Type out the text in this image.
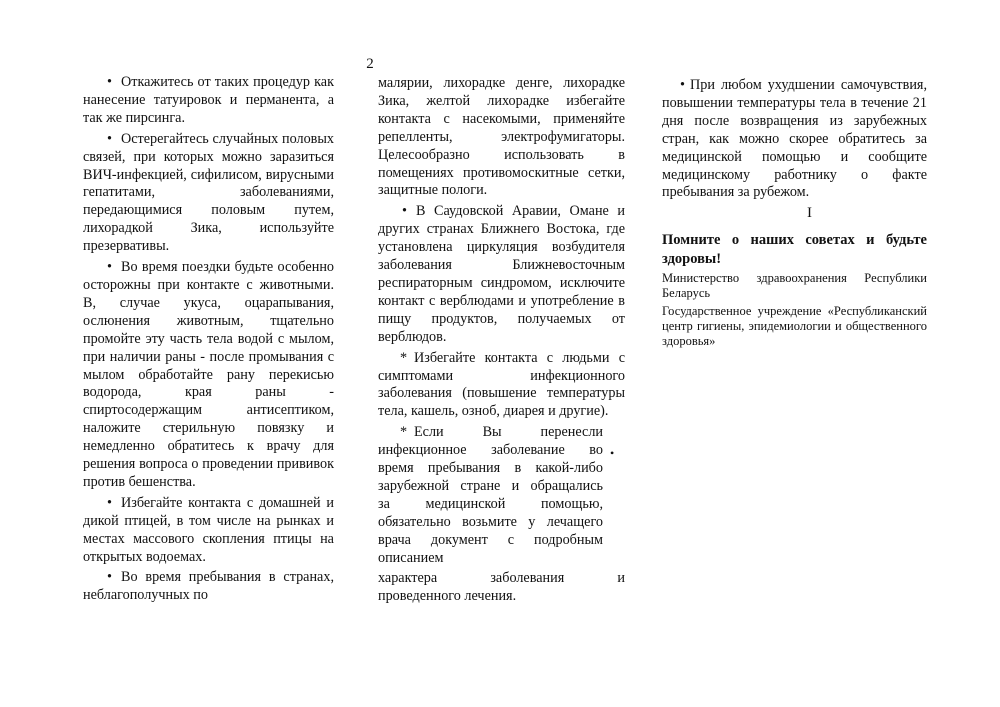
2

• Откажитесь от таких процедур как нанесение татуировок и перманента, а так же пирсинга.

• Остерегайтесь случайных половых связей, при которых можно заразиться ВИЧ-инфекцией, сифилисом, вирусными гепатитами, заболеваниями, передающимися половым путем, лихорадкой Зика, используйте презервативы.

• Во время поездки будьте особенно осторожны при контакте с животными. В, случае укуса, оцарапывания, ослюнения животным, тщательно промойте эту часть тела водой с мылом, при наличии раны - после промывания с мылом обработайте рану перекисью водорода, края раны - спиртосодержащим антисептиком, наложите стерильную повязку и немедленно обратитесь к врачу для решения вопроса о проведении прививок против бешенства.

• Избегайте контакта с домашней и дикой птицей, в том числе на рынках и местах массового скопления птицы на открытых водоемах.

• Во время пребывания в странах, неблагополучных по

малярии, лихорадке денге, лихорадке Зика, желтой лихорадке избегайте контакта с насекомыми, применяйте репелленты, электрофумигаторы. Целесообразно использовать в помещениях противомоскитные сетки, защитные пологи.

• В Саудовской Аравии, Омане и других странах Ближнего Востока, где установлена циркуляция возбудителя заболевания Ближневосточным респираторным синдромом, исключите контакт с верблюдами и употребление в пищу продуктов, получаемых от верблюдов.

* Избегайте контакта с людьми с симптомами инфекционного заболевания (повышение температуры тела, кашель, озноб, диарея и другие).

* Если Вы перенесли

инфекционное заболевание во •

время пребывания в какой-либо

зарубежной стране и обращались

за медицинской помощью,

обязательно возьмите у лечащего

врача документ с подробным

описанием

характера заболевания и

проведенного лечения.

• При любом ухудшении самочувствия, повышении температуры тела в течение 21 дня после возвращения из зарубежных стран, как можно скорее обратитесь за медицинской помощью и сообщите медицинскому работнику о факте пребывания за рубежом.

I

Помните о наших советах и будьте здоровы!

Министерство здравоохранения Республики Беларусь

Государственное учреждение «Республиканский центр гигиены, эпидемиологии и общественного здоровья»
